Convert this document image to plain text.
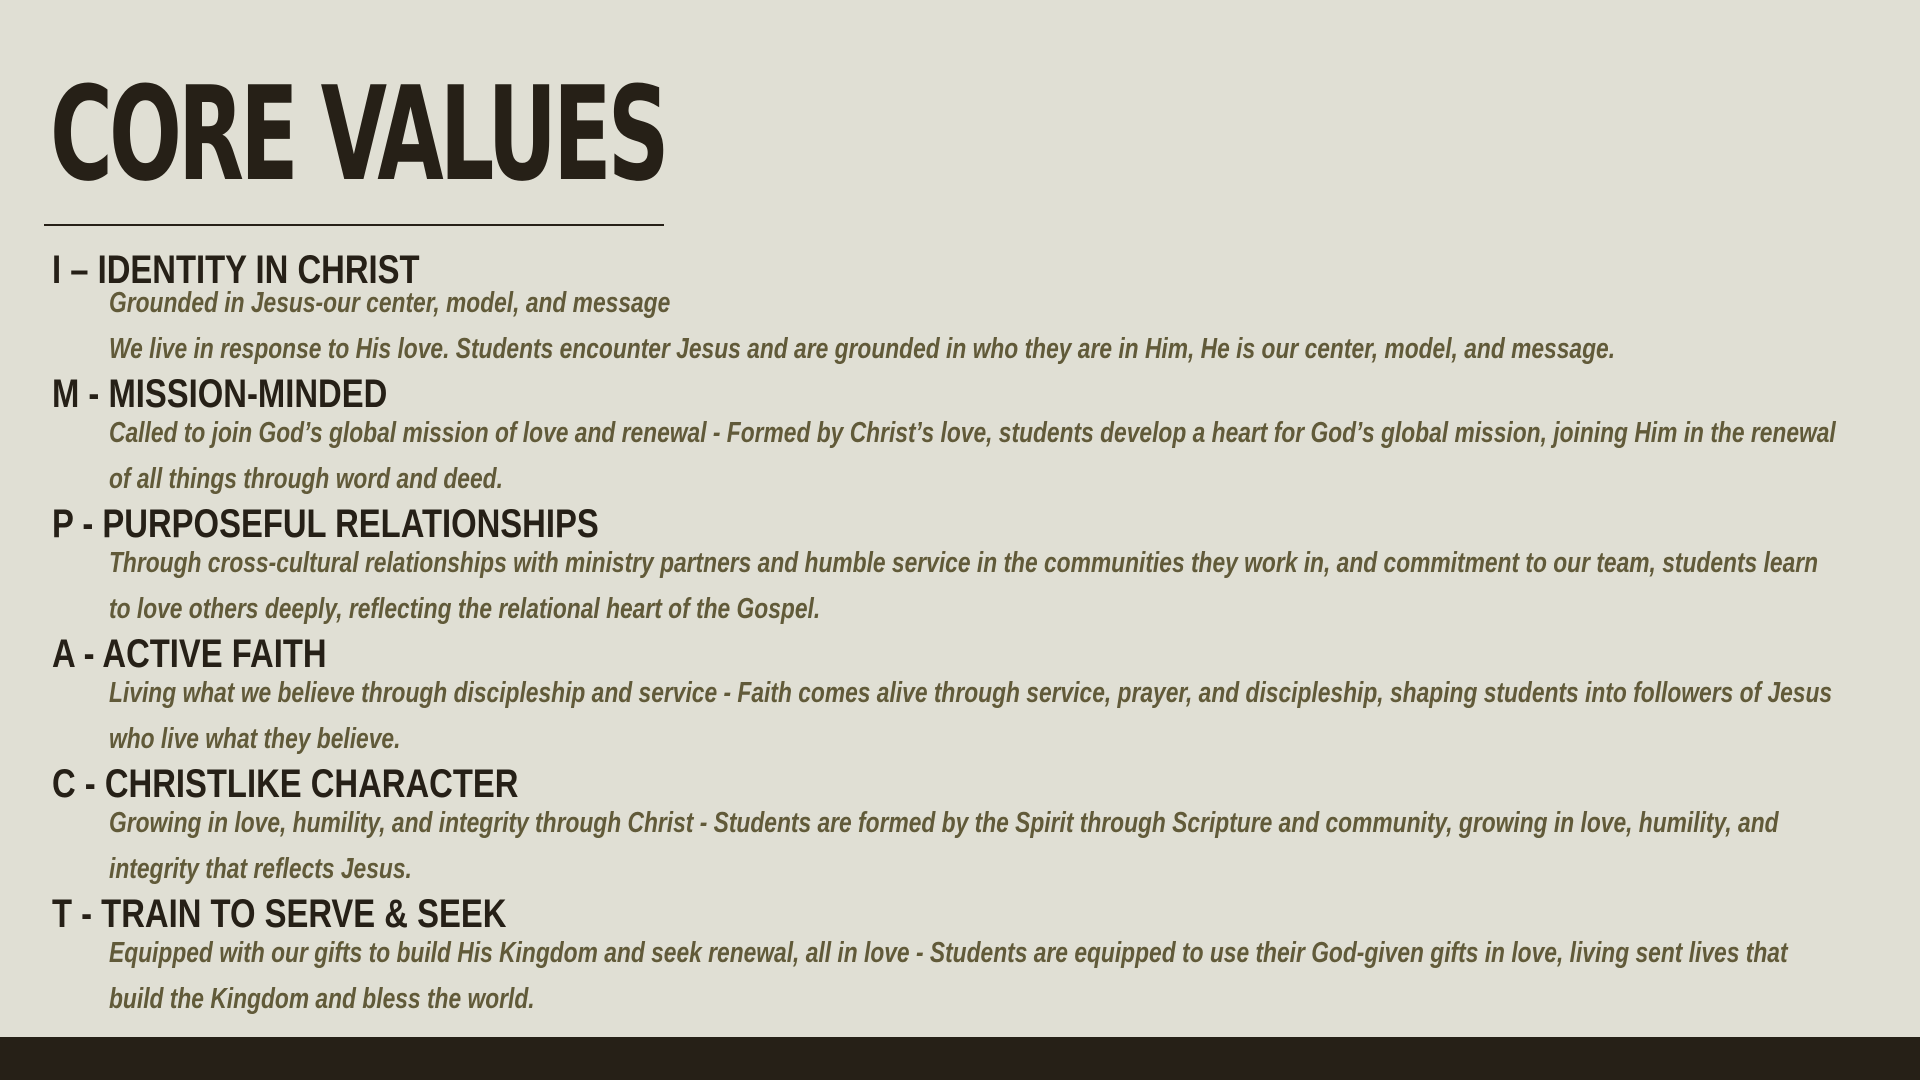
CORE VALUES
I – IDENTITY IN CHRIST

Grounded in Jesus-our center, model, and message

We live in response to His love. Students encounter Jesus and are grounded in who they are in Him, He is our center, model, and message.

M - MISSION-MINDED

Called to join God’s global mission of love and renewal - Formed by Christ’s love, students develop a heart for God’s global mission, joining Him in the renewal of all things through word and deed.

P - PURPOSEFUL RELATIONSHIPS

Through cross-cultural relationships with ministry partners and humble service in the communities they work in, and commitment to our team, students learn to love others deeply, reflecting the relational heart of the Gospel.

A - ACTIVE FAITH

Living what we believe through discipleship and service - Faith comes alive through service, prayer, and discipleship, shaping students into followers of Jesus who live what they believe.

C - CHRISTLIKE CHARACTER

Growing in love, humility, and integrity through Christ - Students are formed by the Spirit through Scripture and community, growing in love, humility, and integrity that reflects Jesus.

T - TRAIN TO SERVE & SEEK

Equipped with our gifts to build His Kingdom and seek renewal, all in love - Students are equipped to use their God-given gifts in love, living sent lives that build the Kingdom and bless the world.
